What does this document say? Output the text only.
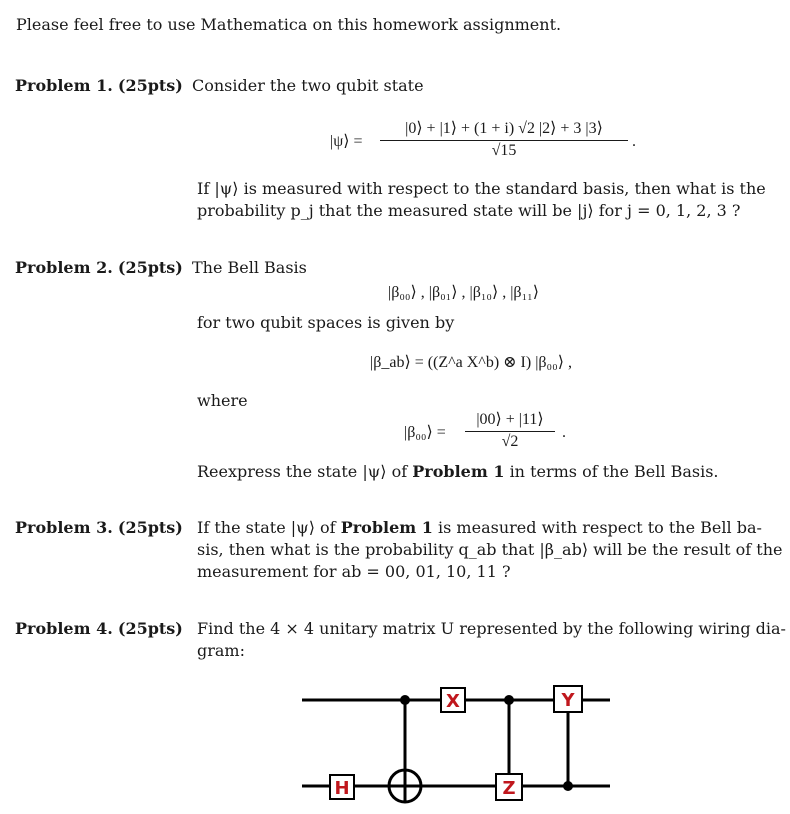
Please feel free to use Mathematica on this homework assignment.
Problem 1. (25pts) Consider the two qubit state
|ψ⟩ = $\frac{|0⟩ + |1⟩ + (1 + i) √2 |2⟩ + 3 |3⟩}{√15}$ .
If |ψ⟩ is measured with respect to the standard basis, then what is the
probability p_j that the measured state will be |j⟩ for j = 0, 1, 2, 3 ?
Problem 2. (25pts) The Bell Basis
|β₀₀⟩ , |β₀₁⟩ , |β₁₀⟩ , |β₁₁⟩
for two qubit spaces is given by
|β_ab⟩ = ((Z^a X^b) ⊗ I) |β₀₀⟩ ,
where
|β₀₀⟩ = $\frac{|00⟩ + |11⟩}{√2}$ .
Reexpress the state |ψ⟩ of Problem 1 in terms of the Bell Basis.
Problem 3. (25pts) If the state |ψ⟩ of Problem 1 is measured with respect to the Bell ba-
sis, then what is the probability q_ab that |β_ab⟩ will be the result of the
measurement for ab = 00, 01, 10, 11 ?
Problem 4. (25pts) Find the 4 × 4 unitary matrix U represented by the following wiring dia-
gram:
H
X
Z
Y
